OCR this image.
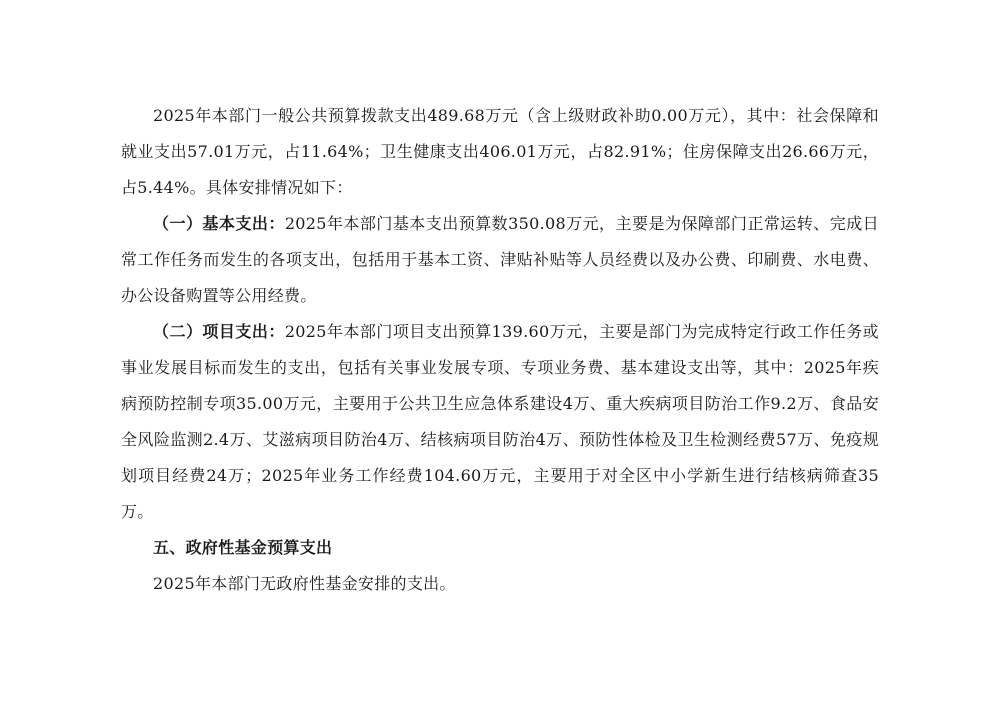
2025年本部门一般公共预算拨款支出489.68万元（含上级财政补助0.00万元），其中：社会保障和就业支出57.01万元，占11.64%；卫生健康支出406.01万元，占82.91%；住房保障支出26.66万元，占5.44%。具体安排情况如下：

（一）基本支出：2025年本部门基本支出预算数350.08万元，主要是为保障部门正常运转、完成日常工作任务而发生的各项支出，包括用于基本工资、津贴补贴等人员经费以及办公费、印刷费、水电费、办公设备购置等公用经费。

（二）项目支出：2025年本部门项目支出预算139.60万元，主要是部门为完成特定行政工作任务或事业发展目标而发生的支出，包括有关事业发展专项、专项业务费、基本建设支出等，其中：2025年疾病预防控制专项35.00万元，主要用于公共卫生应急体系建设4万、重大疾病项目防治工作9.2万、食品安全风险监测2.4万、艾滋病项目防治4万、结核病项目防治4万、预防性体检及卫生检测经费57万、免疫规划项目经费24万；2025年业务工作经费104.60万元，主要用于对全区中小学新生进行结核病筛查35万。

五、政府性基金预算支出

2025年本部门无政府性基金安排的支出。
